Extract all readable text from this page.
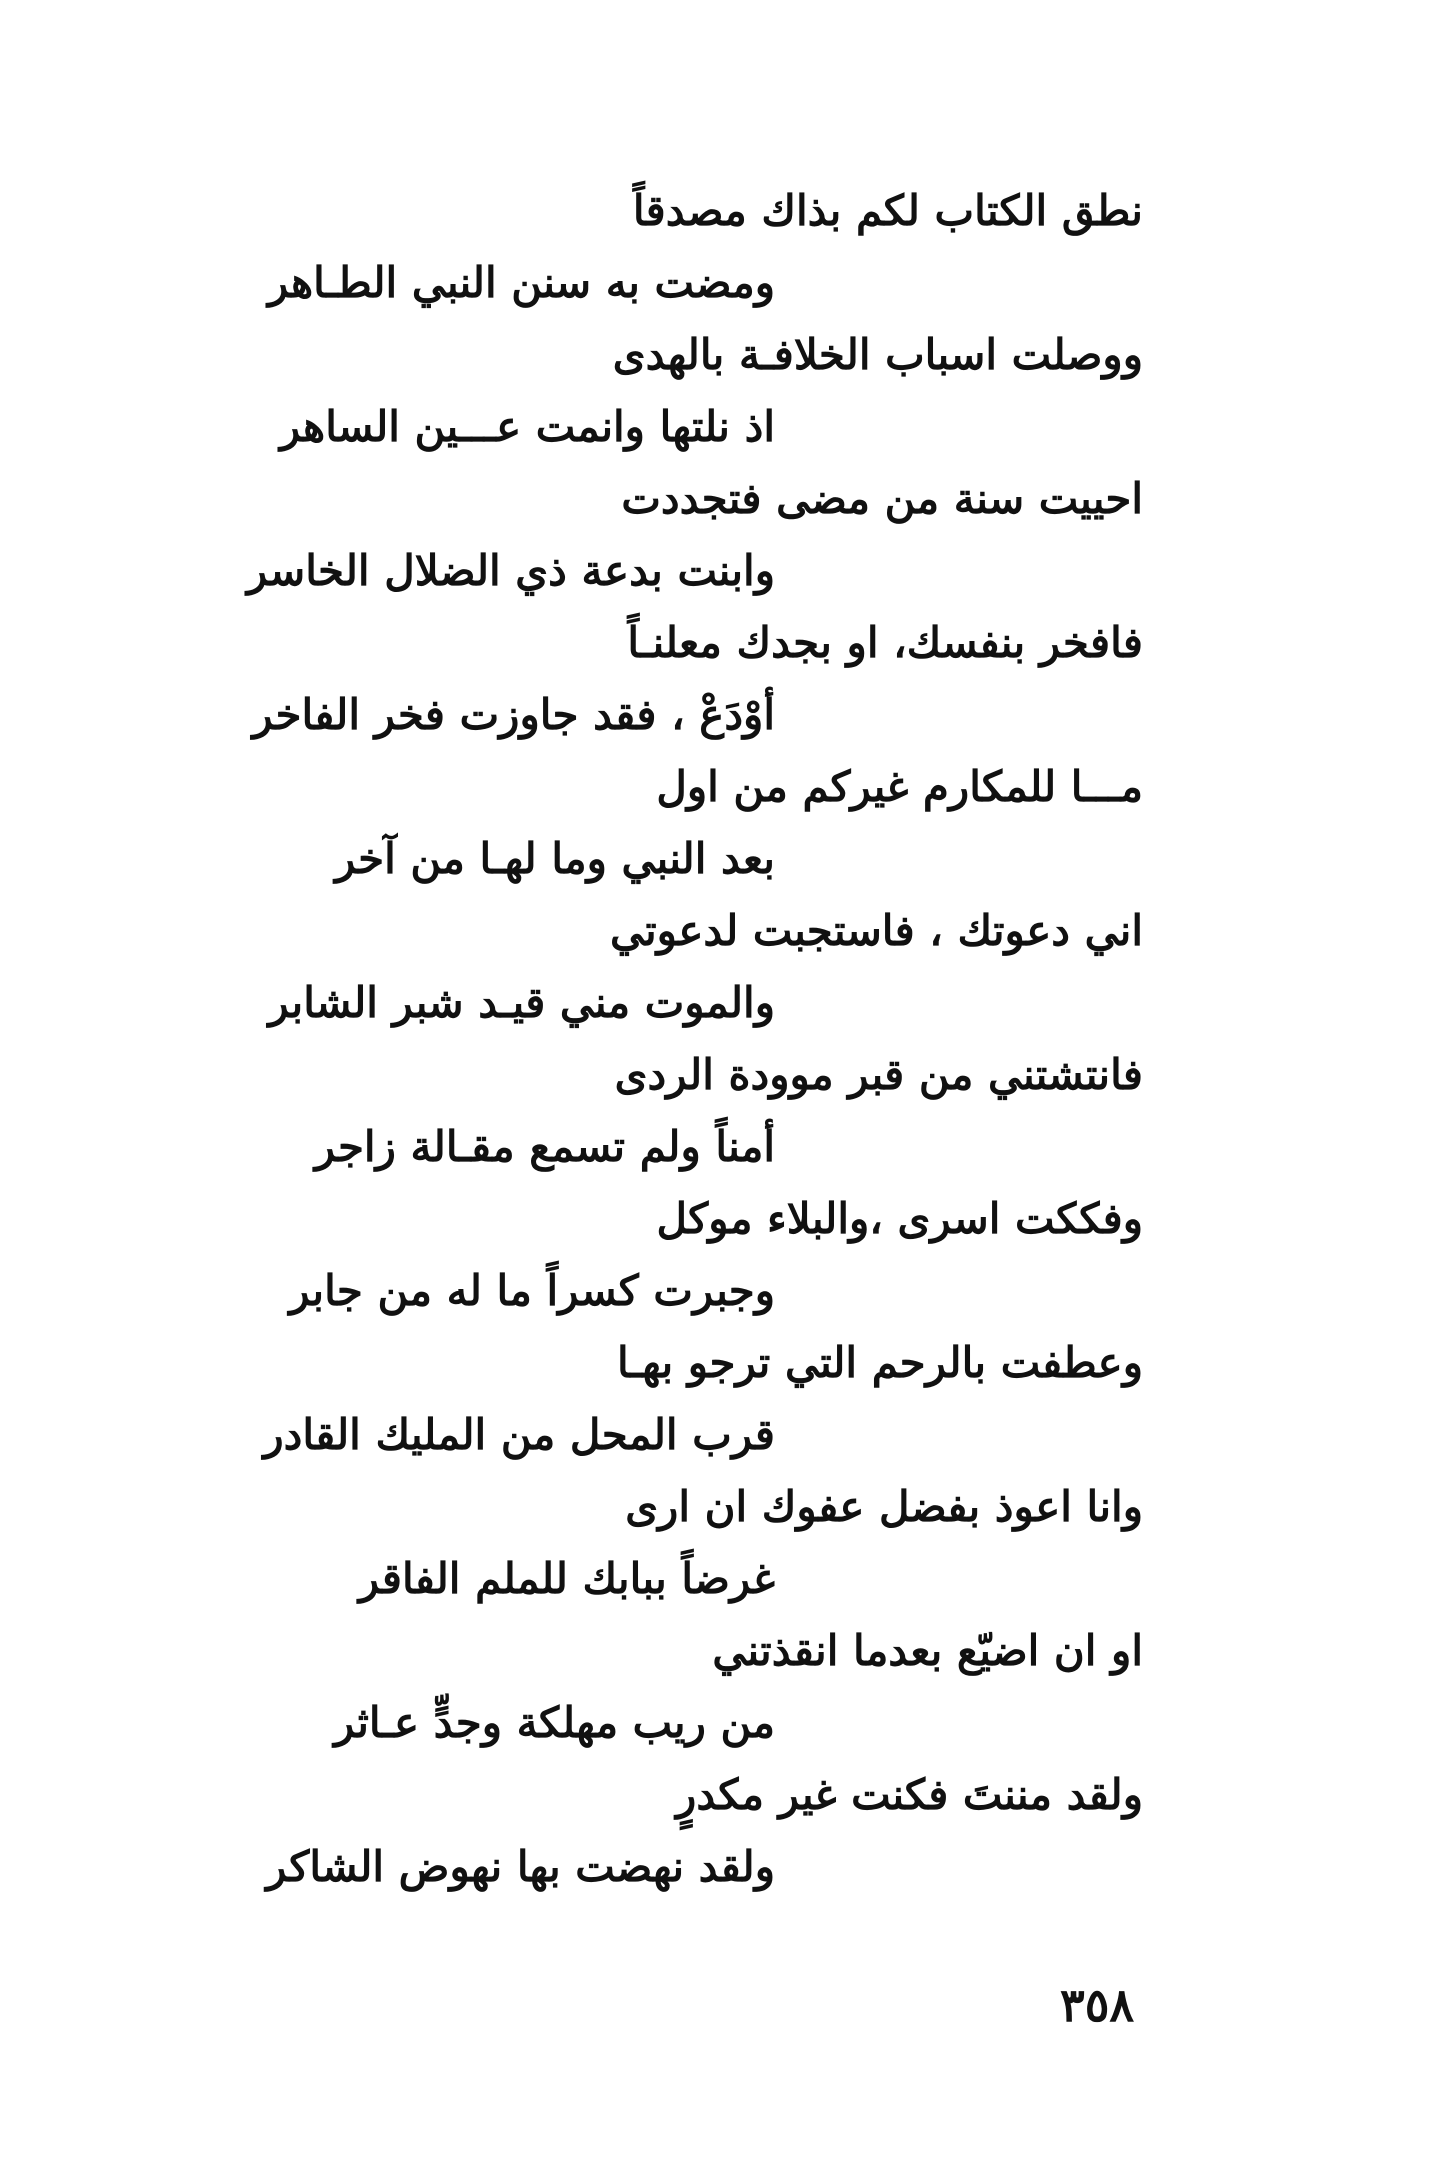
نطق الكتاب لكم بذاك مصدقاً
ومضت به سنن النبي الطـاهر
ووصلت اسباب الخلافـة بالهدى
اذ نلتها وانمت عـــين الساهر
احييت سنة من مضى فتجددت
وابنت بدعة ذي الضلال الخاسر
فافخر بنفسك، او بجدك معلنـاً
أوْدَعْ ، فقد جاوزت فخر الفاخر
مـــا للمكارم غيركم من اول
بعد النبي وما لهـا من آخر
اني دعوتك ، فاستجبت لدعوتي
والموت مني قيـد شبر الشابر
فانتشتني من قبر موودة الردى
أمناً ولم تسمع مقـالة زاجر
وفككت اسرى ،والبلاء موكل
وجبرت كسراً ما له من جابر
وعطفت بالرحم التي ترجو بهـا
قرب المحل من المليك القادر
وانا اعوذ بفضل عفوك ان ارى
غرضاً ببابك للملم الفاقر
او ان اضيّع بعدما انقذتني
من ريب مهلكة وجدٍّ عـاثر
ولقد مننتَ فكنت غير مكدرٍ
ولقد نهضت بها نهوض الشاكر
٣٥٨
